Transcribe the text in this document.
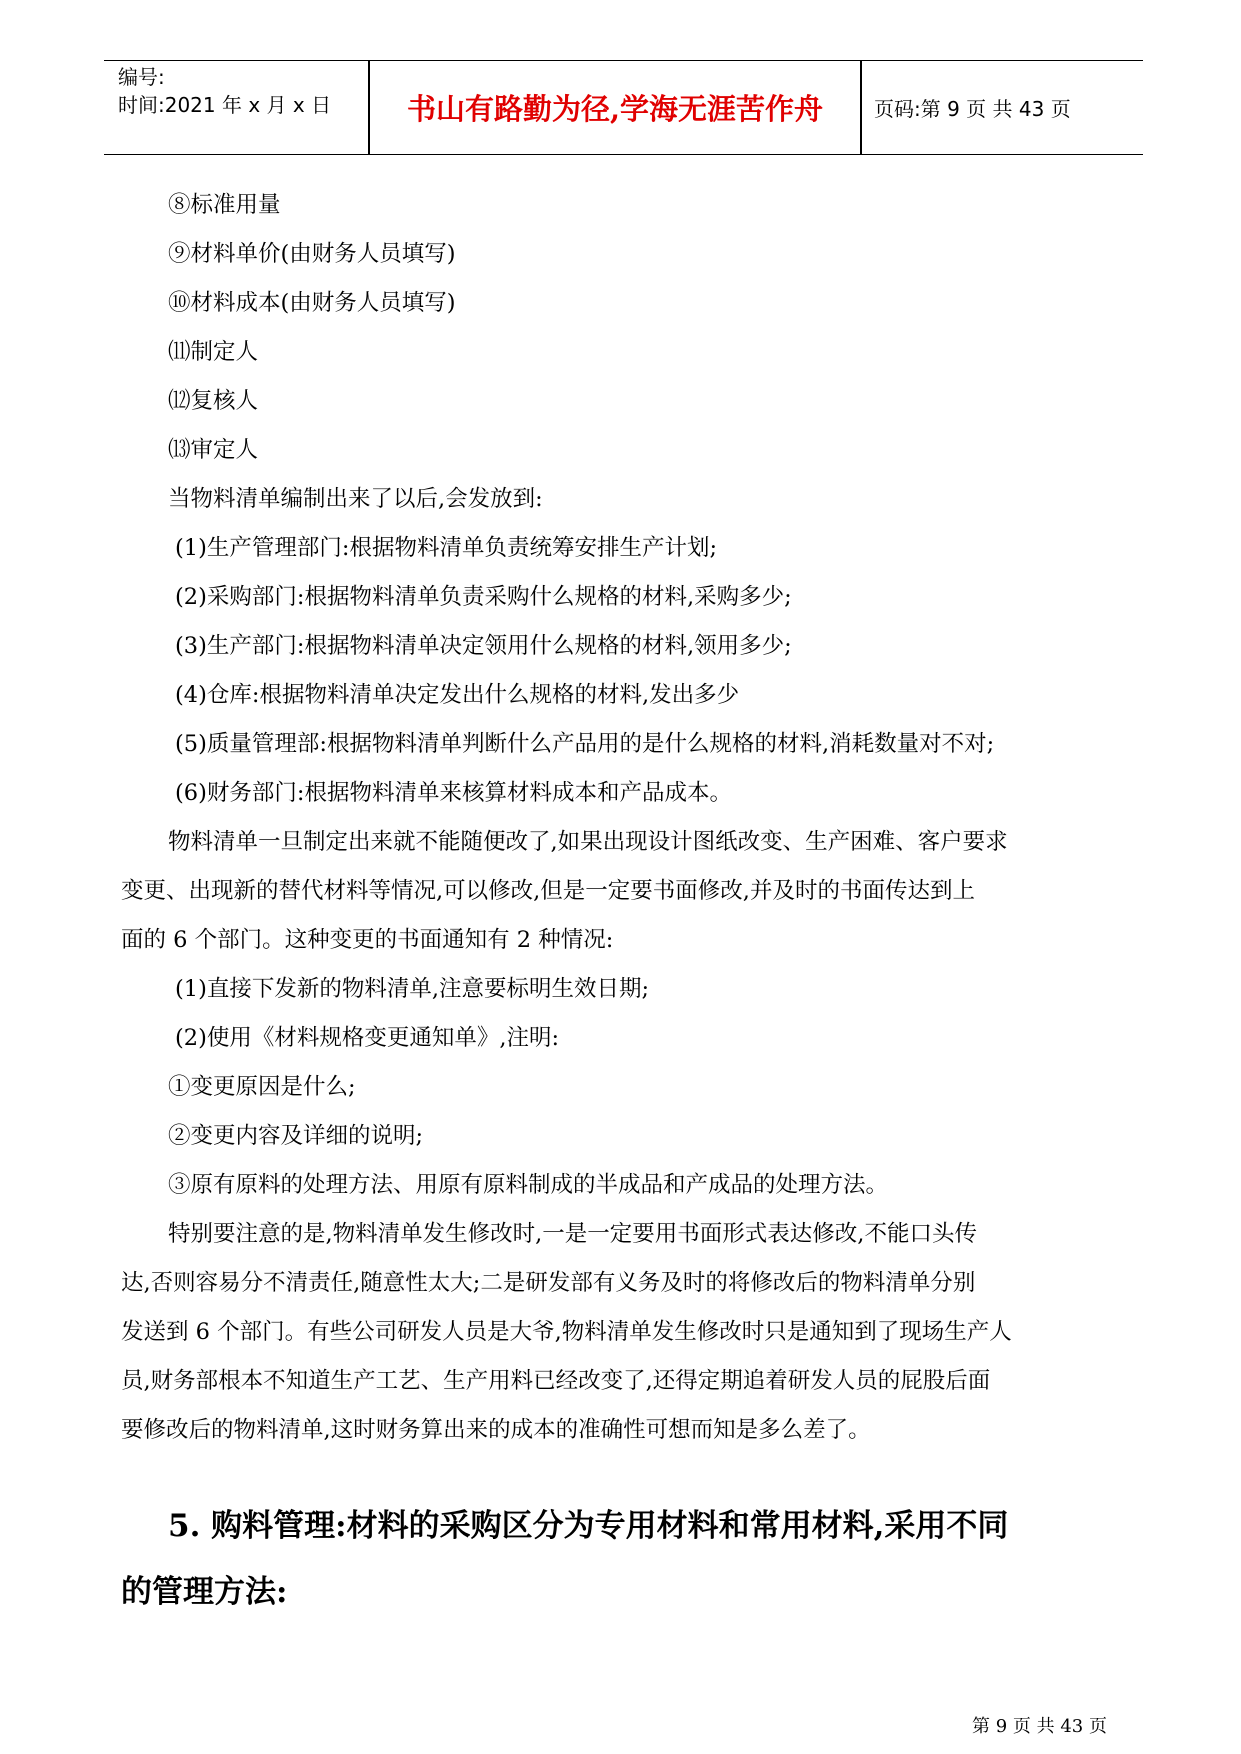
编号:
时间:2021 年 x 月 x 日	书山有路勤为径,学海无涯苦作舟	页码:第 9 页 共 43 页
⑧标准用量
⑨材料单价(由财务人员填写)
⑩材料成本(由财务人员填写)
⑾制定人
⑿复核人
⒀审定人
当物料清单编制出来了以后,会发放到:
(1)生产管理部门:根据物料清单负责统筹安排生产计划;
(2)采购部门:根据物料清单负责采购什么规格的材料,采购多少;
(3)生产部门:根据物料清单决定领用什么规格的材料,领用多少;
(4)仓库:根据物料清单决定发出什么规格的材料,发出多少
(5)质量管理部:根据物料清单判断什么产品用的是什么规格的材料,消耗数量对不对;
(6)财务部门:根据物料清单来核算材料成本和产品成本。
物料清单一旦制定出来就不能随便改了,如果出现设计图纸改变、生产困难、客户要求
变更、出现新的替代材料等情况,可以修改,但是一定要书面修改,并及时的书面传达到上
面的 6 个部门。这种变更的书面通知有 2 种情况:
(1)直接下发新的物料清单,注意要标明生效日期;
(2)使用《材料规格变更通知单》,注明:
①变更原因是什么;
②变更内容及详细的说明;
③原有原料的处理方法、用原有原料制成的半成品和产成品的处理方法。
特别要注意的是,物料清单发生修改时,一是一定要用书面形式表达修改,不能口头传
达,否则容易分不清责任,随意性太大;二是研发部有义务及时的将修改后的物料清单分别
发送到 6 个部门。有些公司研发人员是大爷,物料清单发生修改时只是通知到了现场生产人
员,财务部根本不知道生产工艺、生产用料已经改变了,还得定期追着研发人员的屁股后面
要修改后的物料清单,这时财务算出来的成本的准确性可想而知是多么差了。
5. 购料管理:材料的采购区分为专用材料和常用材料,采用不同
的管理方法:
第 9 页 共 43 页
